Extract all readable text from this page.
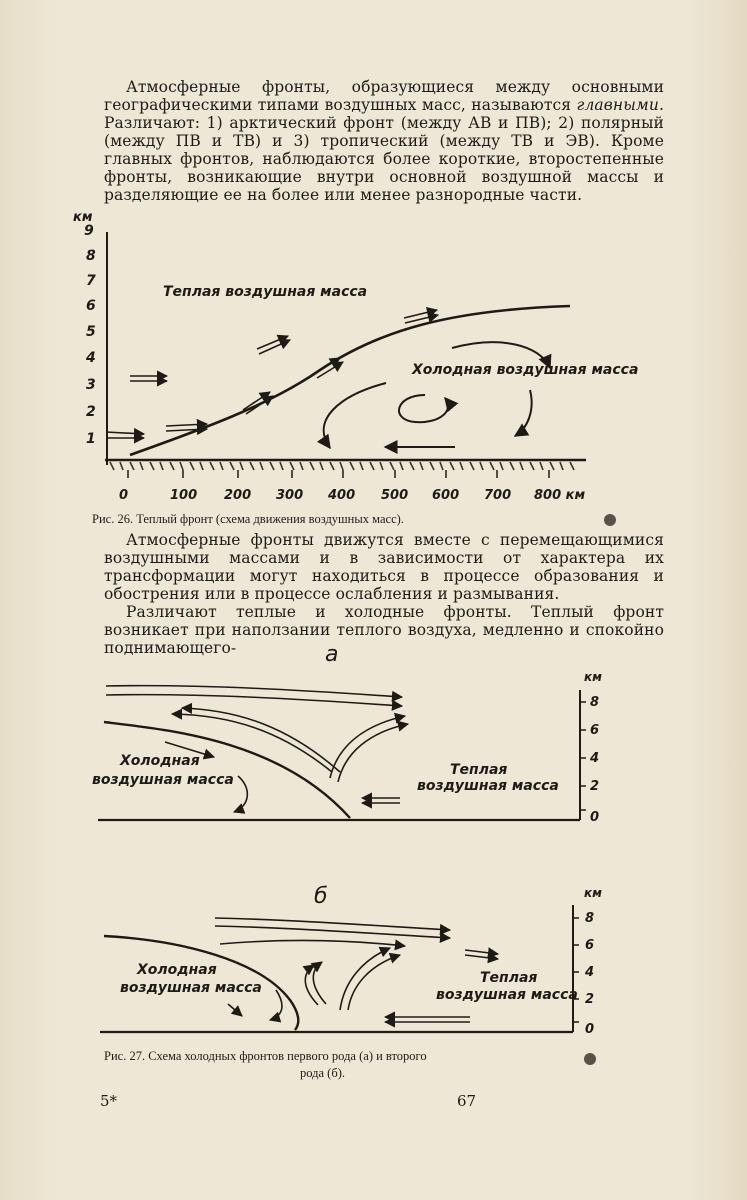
Атмосферные фронты, образующиеся между основными географическими типами воздушных масс, называются главными. Различают: 1) арктический фронт (между АВ и ПВ); 2) полярный (между ПВ и ТВ) и 3) тропический (между ТВ и ЭВ). Кроме главных фронтов, наблюдаются более короткие, второстепенные фронты, возникающие внутри основной воздушной массы и разделяющие ее на более или менее разнородные части.
км
1
2
3
4
5
6
7
8
9
0	100 200 300 400 500 600 700 800 км
Теплая воздушная масса
Холодная воздушная масса
Рис. 26. Теплый фронт (схема движения воздушных масс).
Атмосферные фронты движутся вместе с перемещающимися воздушными массами и в зависимости от характера их трансформации могут находиться в процессе образования и обострения или в процессе ослабления и размывания.
Различают теплые и холодные фронты. Теплый фронт возникает при наползании теплого воздуха, медленно и спокойно поднимающего-	а
км
0
2
4
6
8
Холодная
воздушная масса
Теплая
воздушная масса
б	км
0
2
4
6
8
Холодная
воздушная масса
Теплая
воздушная масса
Рис. 27. Схема холодных фронтов первого рода (а) и второго
рода (б).
5*	67
